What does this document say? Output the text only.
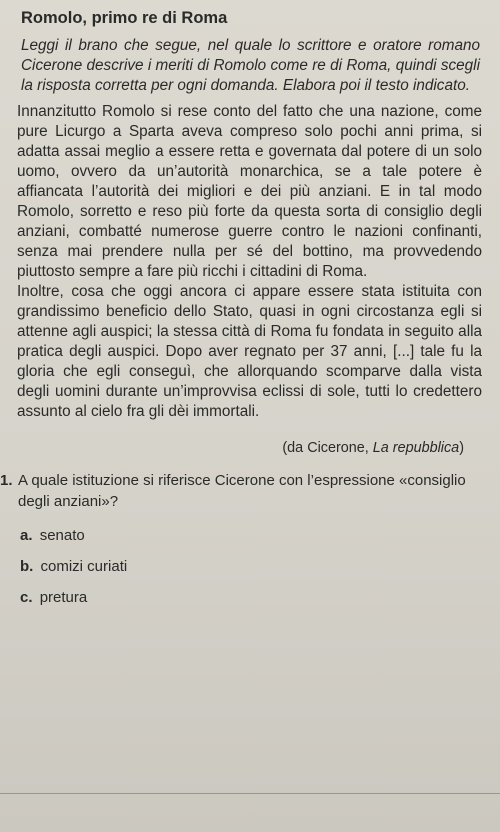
Romolo, primo re di Roma

Leggi il brano che segue, nel quale lo scrittore e oratore romano Cicerone descrive i meriti di Romolo come re di Roma, quindi scegli la risposta corretta per ogni domanda. Elabora poi il testo indicato.

Innanzitutto Romolo si rese conto del fatto che una nazione, come pure Licurgo a Sparta aveva compreso solo pochi anni prima, si adatta assai meglio a essere retta e governata dal potere di un solo uomo, ovvero da un’autorità monarchica, se a tale potere è affiancata l’autorità dei migliori e dei più anziani. E in tal modo Romolo, sorretto e reso più forte da questa sorta di consiglio degli anziani, combatté numerose guerre contro le nazioni confinanti, senza mai prendere nulla per sé del bottino, ma provvedendo piuttosto sempre a fare più ricchi i cittadini di Roma.

Inoltre, cosa che oggi ancora ci appare essere stata istituita con grandissimo beneficio dello Stato, quasi in ogni circostanza egli si attenne agli auspici; la stessa città di Roma fu fondata in seguito alla pratica degli auspici. Dopo aver regnato per 37 anni, [...] tale fu la gloria che egli conseguì, che allorquando scomparve dalla vista degli uomini durante un’improvvisa eclissi di sole, tutti lo credettero assunto al cielo fra gli dèi immortali.

(da Cicerone, La repubblica)
1. A quale istituzione si riferisce Cicerone con l’espressione «consiglio degli anziani»?
a. senato
b. comizi curiati
c. pretura
